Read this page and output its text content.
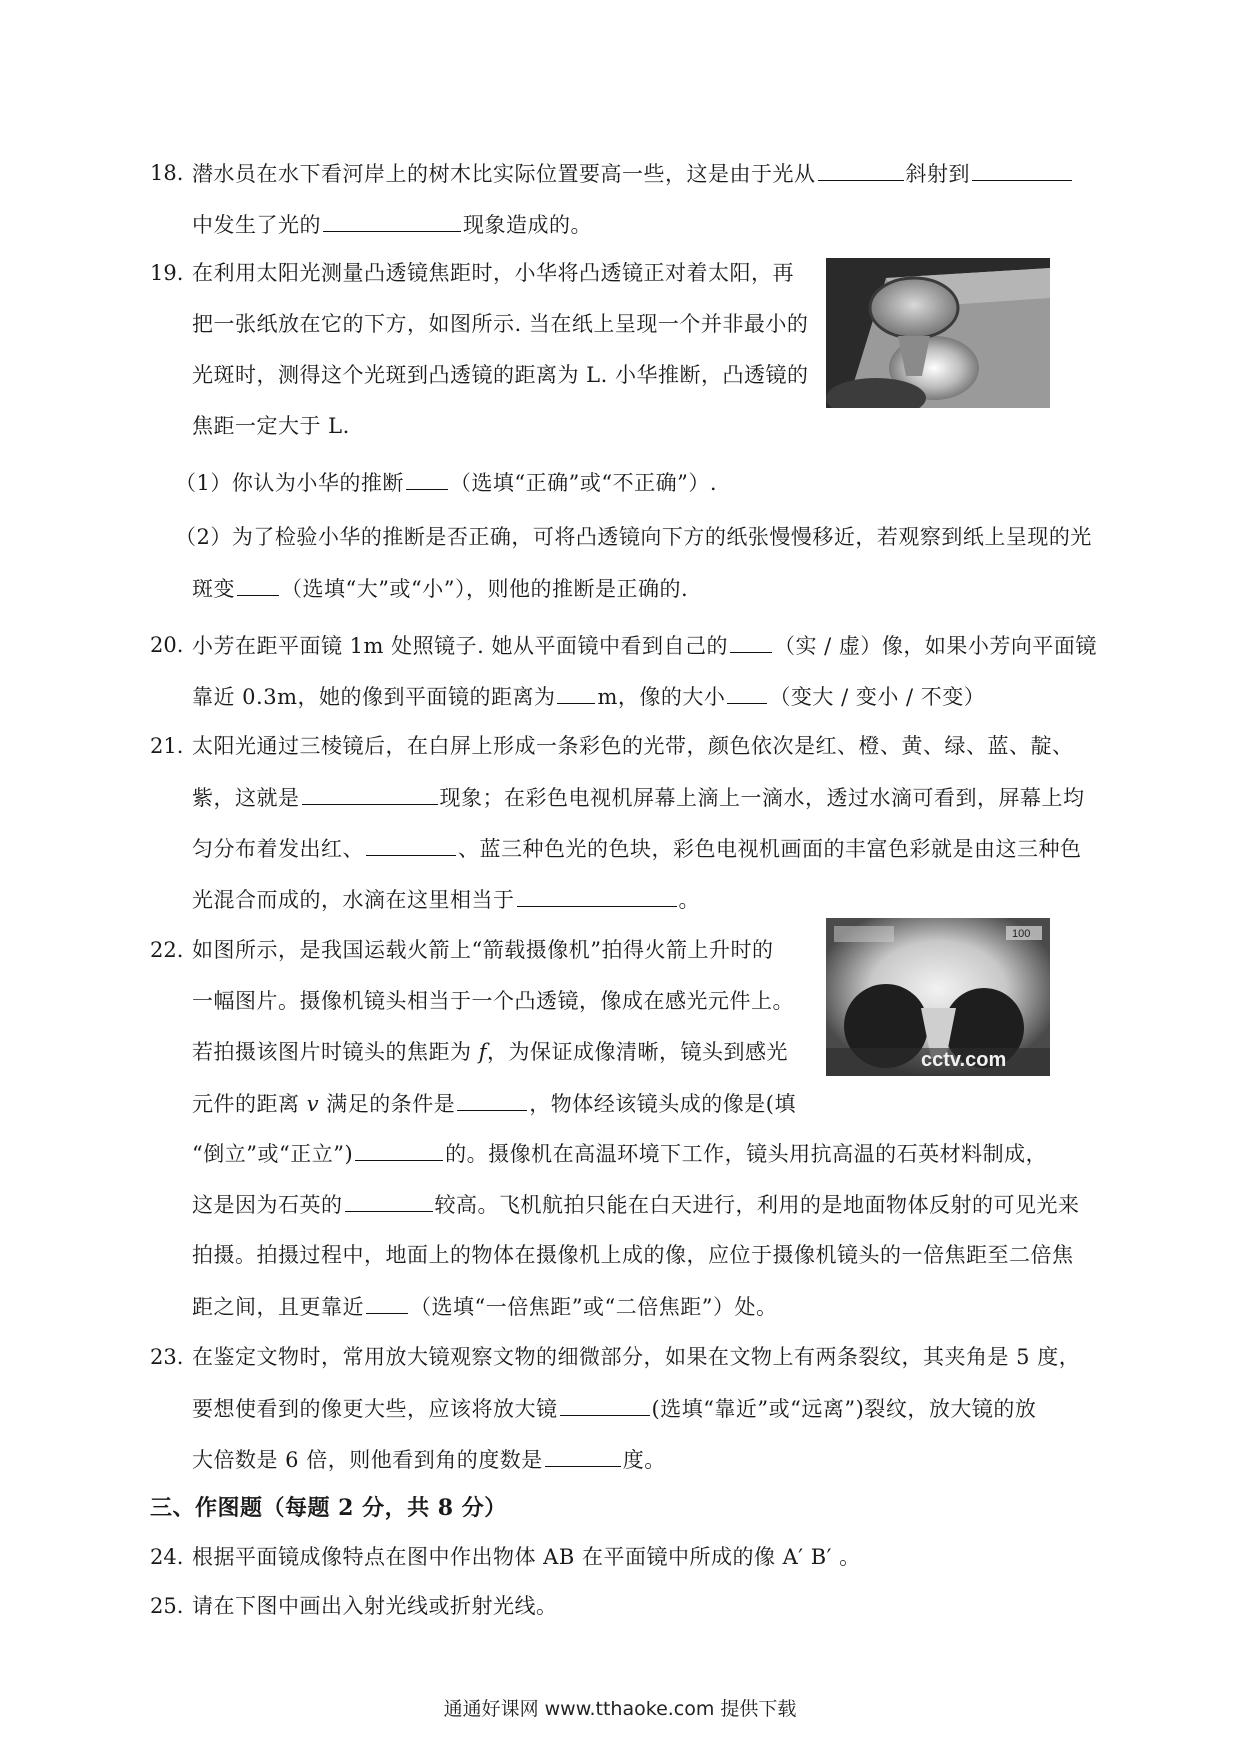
18. 潜水员在水下看河岸上的树木比实际位置要高一些，这是由于光从	斜射到
中发生了光的	现象造成的。
19. 在利用太阳光测量凸透镜焦距时，小华将凸透镜正对着太阳，再
把一张纸放在它的下方，如图所示. 当在纸上呈现一个并非最小的
光斑时，测得这个光斑到凸透镜的距离为 L. 小华推断，凸透镜的
焦距一定大于 L.
（1）你认为小华的推断 （选填“正确”或“不正确”）.
（2）为了检验小华的推断是否正确，可将凸透镜向下方的纸张慢慢移近，若观察到纸上呈现的光
斑变 （选填“大”或“小”），则他的推断是正确的.
20. 小芳在距平面镜 1m 处照镜子. 她从平面镜中看到自己的 （实 / 虚）像，如果小芳向平面镜
靠近 0.3m，她的像到平面镜的距离为 m，像的大小 （变大 / 变小 / 不变）
21. 太阳光通过三棱镜后，在白屏上形成一条彩色的光带，颜色依次是红、橙、黄、绿、蓝、靛、
紫，这就是	现象；在彩色电视机屏幕上滴上一滴水，透过水滴可看到，屏幕上均
匀分布着发出红、	、蓝三种色光的色块，彩色电视机画面的丰富色彩就是由这三种色
光混合而成的，水滴在这里相当于	。
22. 如图所示，是我国运载火箭上“箭载摄像机”拍得火箭上升时的
一幅图片。摄像机镜头相当于一个凸透镜，像成在感光元件上。
若拍摄该图片时镜头的焦距为 f，为保证成像清晰，镜头到感光
元件的距离 v 满足的条件是	，物体经该镜头成的像是(填
100
cctv.com
“倒立”或“正立”)	的。摄像机在高温环境下工作，镜头用抗高温的石英材料制成，
这是因为石英的	较高。飞机航拍只能在白天进行，利用的是地面物体反射的可见光来
拍摄。拍摄过程中，地面上的物体在摄像机上成的像，应位于摄像机镜头的一倍焦距至二倍焦
距之间，且更靠近 （选填“一倍焦距”或“二倍焦距”）处。
23. 在鉴定文物时，常用放大镜观察文物的细微部分，如果在文物上有两条裂纹，其夹角是 5 度，
要想使看到的像更大些，应该将放大镜	(选填“靠近”或“远离”)裂纹，放大镜的放
大倍数是 6 倍，则他看到角的度数是	度。
三、作图题（每题 2 分，共 8 分）
24. 根据平面镜成像特点在图中作出物体 AB 在平面镜中所成的像 A′ B′ 。
25. 请在下图中画出入射光线或折射光线。
通通好课网 www.tthaoke.com 提供下载
